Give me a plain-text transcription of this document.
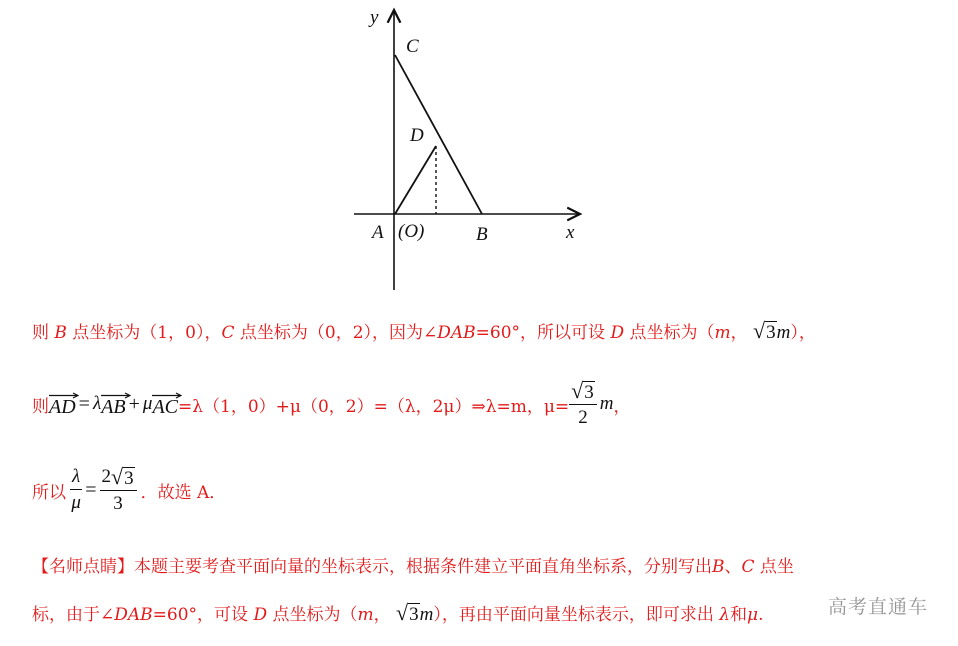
y
x
C
D
A (O)	B
则 B 点坐标为（1，0），C 点坐标为（0，2），因为∠DAB=60°，所以可设 D 点坐标为（m， √ 3 m），
则 AD = λ AB + μ AC =λ（1，0）+μ（0，2）=（λ，2μ）⇒λ=m，$\mu= \frac{√ 3}{2}$ m ，
所以 $\frac{\lambda}{\mu} = \frac{2 √ 3}{3}$ ．故选 A．
【名师点睛】本题主要考查平面向量的坐标表示，根据条件建立平面直角坐标系，分别写出B、C 点坐
标，由于∠DAB=60°，可设 D 点坐标为（m， √ 3 m），再由平面向量坐标表示，即可求出 λ和μ.	高考直通车
